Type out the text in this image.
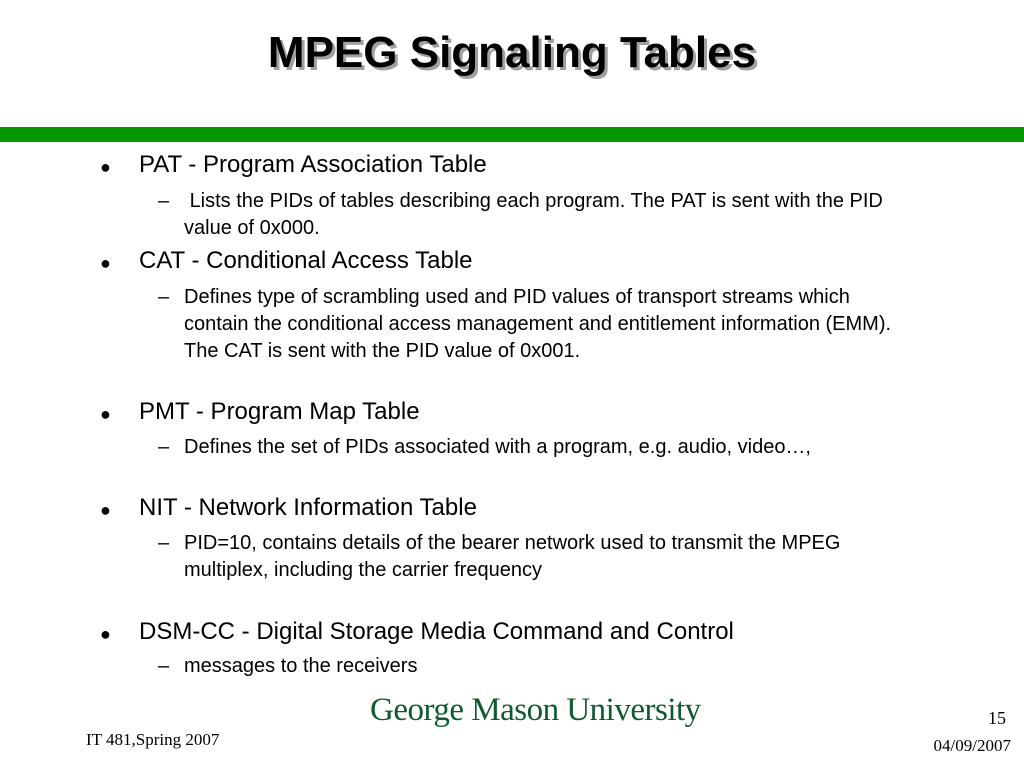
MPEG Signaling Tables
● PAT - Program Association Table
– Lists the PIDs of tables describing each program. The PAT is sent with the PID value of 0x000.
● CAT - Conditional Access Table
– Defines type of scrambling used and PID values of transport streams which contain the conditional access management and entitlement information (EMM). The CAT is sent with the PID value of 0x001.
● PMT - Program Map Table
– Defines the set of PIDs associated with a program, e.g. audio, video…,
● NIT - Network Information Table
– PID=10, contains details of the bearer network used to transmit the MPEG multiplex, including the carrier frequency
● DSM-CC - Digital Storage Media Command and Control
– messages to the receivers
IT 481,Spring 2007
George Mason University	15
04/09/2007
